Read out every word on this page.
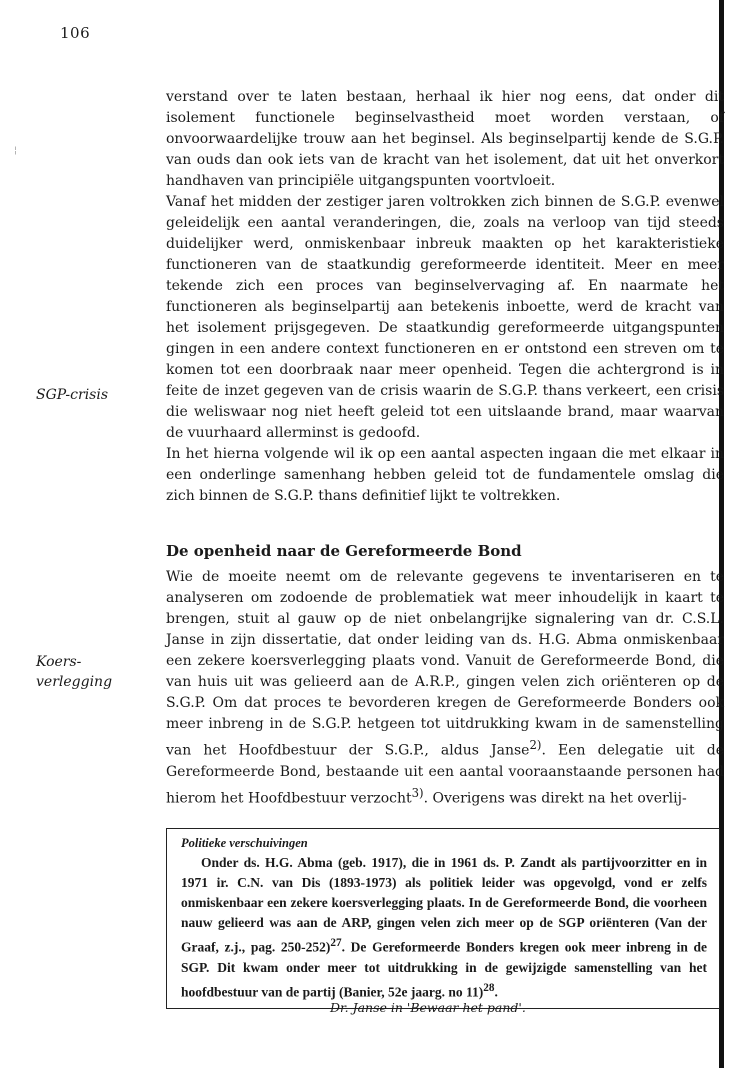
106
¦

verstand over te laten bestaan, herhaal ik hier nog eens, dat onder dit isolement functionele beginselvastheid moet worden verstaan, of onvoorwaardelijke trouw aan het beginsel. Als beginselpartij kende de S.G.P. van ouds dan ook iets van de kracht van het isolement, dat uit het onverkort handhaven van principiële uitgangspunten voortvloeit.

Vanaf het midden der zestiger jaren voltrokken zich binnen de S.G.P. evenwel geleidelijk een aantal veranderingen, die, zoals na verloop van tijd steeds duidelijker werd, onmiskenbaar inbreuk maakten op het karakteristieke functioneren van de staatkundig gereformeerde identiteit. Meer en meer tekende zich een proces van beginselvervaging af. En naarmate het functioneren als beginselpartij aan betekenis inboette, werd de kracht van het isolement prijsgegeven. De staatkundig gereformeerde uitgangspunten gingen in een andere context functioneren en er ontstond een streven om te komen tot een doorbraak naar meer openheid. Tegen die achtergrond is in feite de inzet gegeven van de crisis waarin de S.G.P. thans verkeert, een crisis die weliswaar nog niet heeft geleid tot een uitslaande brand, maar waarvan de vuurhaard allerminst is gedoofd.

In het hierna volgende wil ik op een aantal aspecten ingaan die met elkaar in een onderlinge samenhang hebben geleid tot de fundamentele omslag die zich binnen de S.G.P. thans definitief lijkt te voltrekken.

SGP-crisis
De openheid naar de Gereformeerde Bond

Wie de moeite neemt om de relevante gegevens te inventariseren en te analyseren om zodoende de problematiek wat meer inhoudelijk in kaart te brengen, stuit al gauw op de niet onbelangrijke signalering van dr. C.S.L. Janse in zijn dissertatie, dat onder leiding van ds. H.G. Abma onmiskenbaar een zekere koersverlegging plaats vond. Vanuit de Gereformeerde Bond, die van huis uit was gelieerd aan de A.R.P., gingen velen zich oriënteren op de S.G.P. Om dat proces te bevorderen kregen de Gereformeerde Bonders ook meer inbreng in de S.G.P. hetgeen tot uitdrukking kwam in de samenstelling van het Hoofdbestuur der S.G.P., aldus Janse$^{2)}$. Een delegatie uit de Gereformeerde Bond, bestaande uit een aantal vooraanstaande personen had hierom het Hoofdbestuur verzocht$^{3)}$. Overigens was direkt na het overlij-

Koers-
verlegging
Politieke verschuivingen
Onder ds. H.G. Abma (geb. 1917), die in 1961 ds. P. Zandt als partijvoorzitter en in 1971 ir. C.N. van Dis (1893-1973) als politiek leider was opgevolgd, vond er zelfs onmiskenbaar een zekere koersverlegging plaats. In de Gereformeerde Bond, die voorheen nauw gelieerd was aan de ARP, gingen velen zich meer op de SGP oriënteren (Van der Graaf, z.j., pag. 250-252)$^{27}$. De Gereformeerde Bonders kregen ook meer inbreng in de SGP. Dit kwam onder meer tot uitdrukking in de gewijzigde samenstelling van het hoofdbestuur van de partij (Banier, 52e jaarg. no 11)$^{28}$.
Dr. Janse in 'Bewaar het pand'.
